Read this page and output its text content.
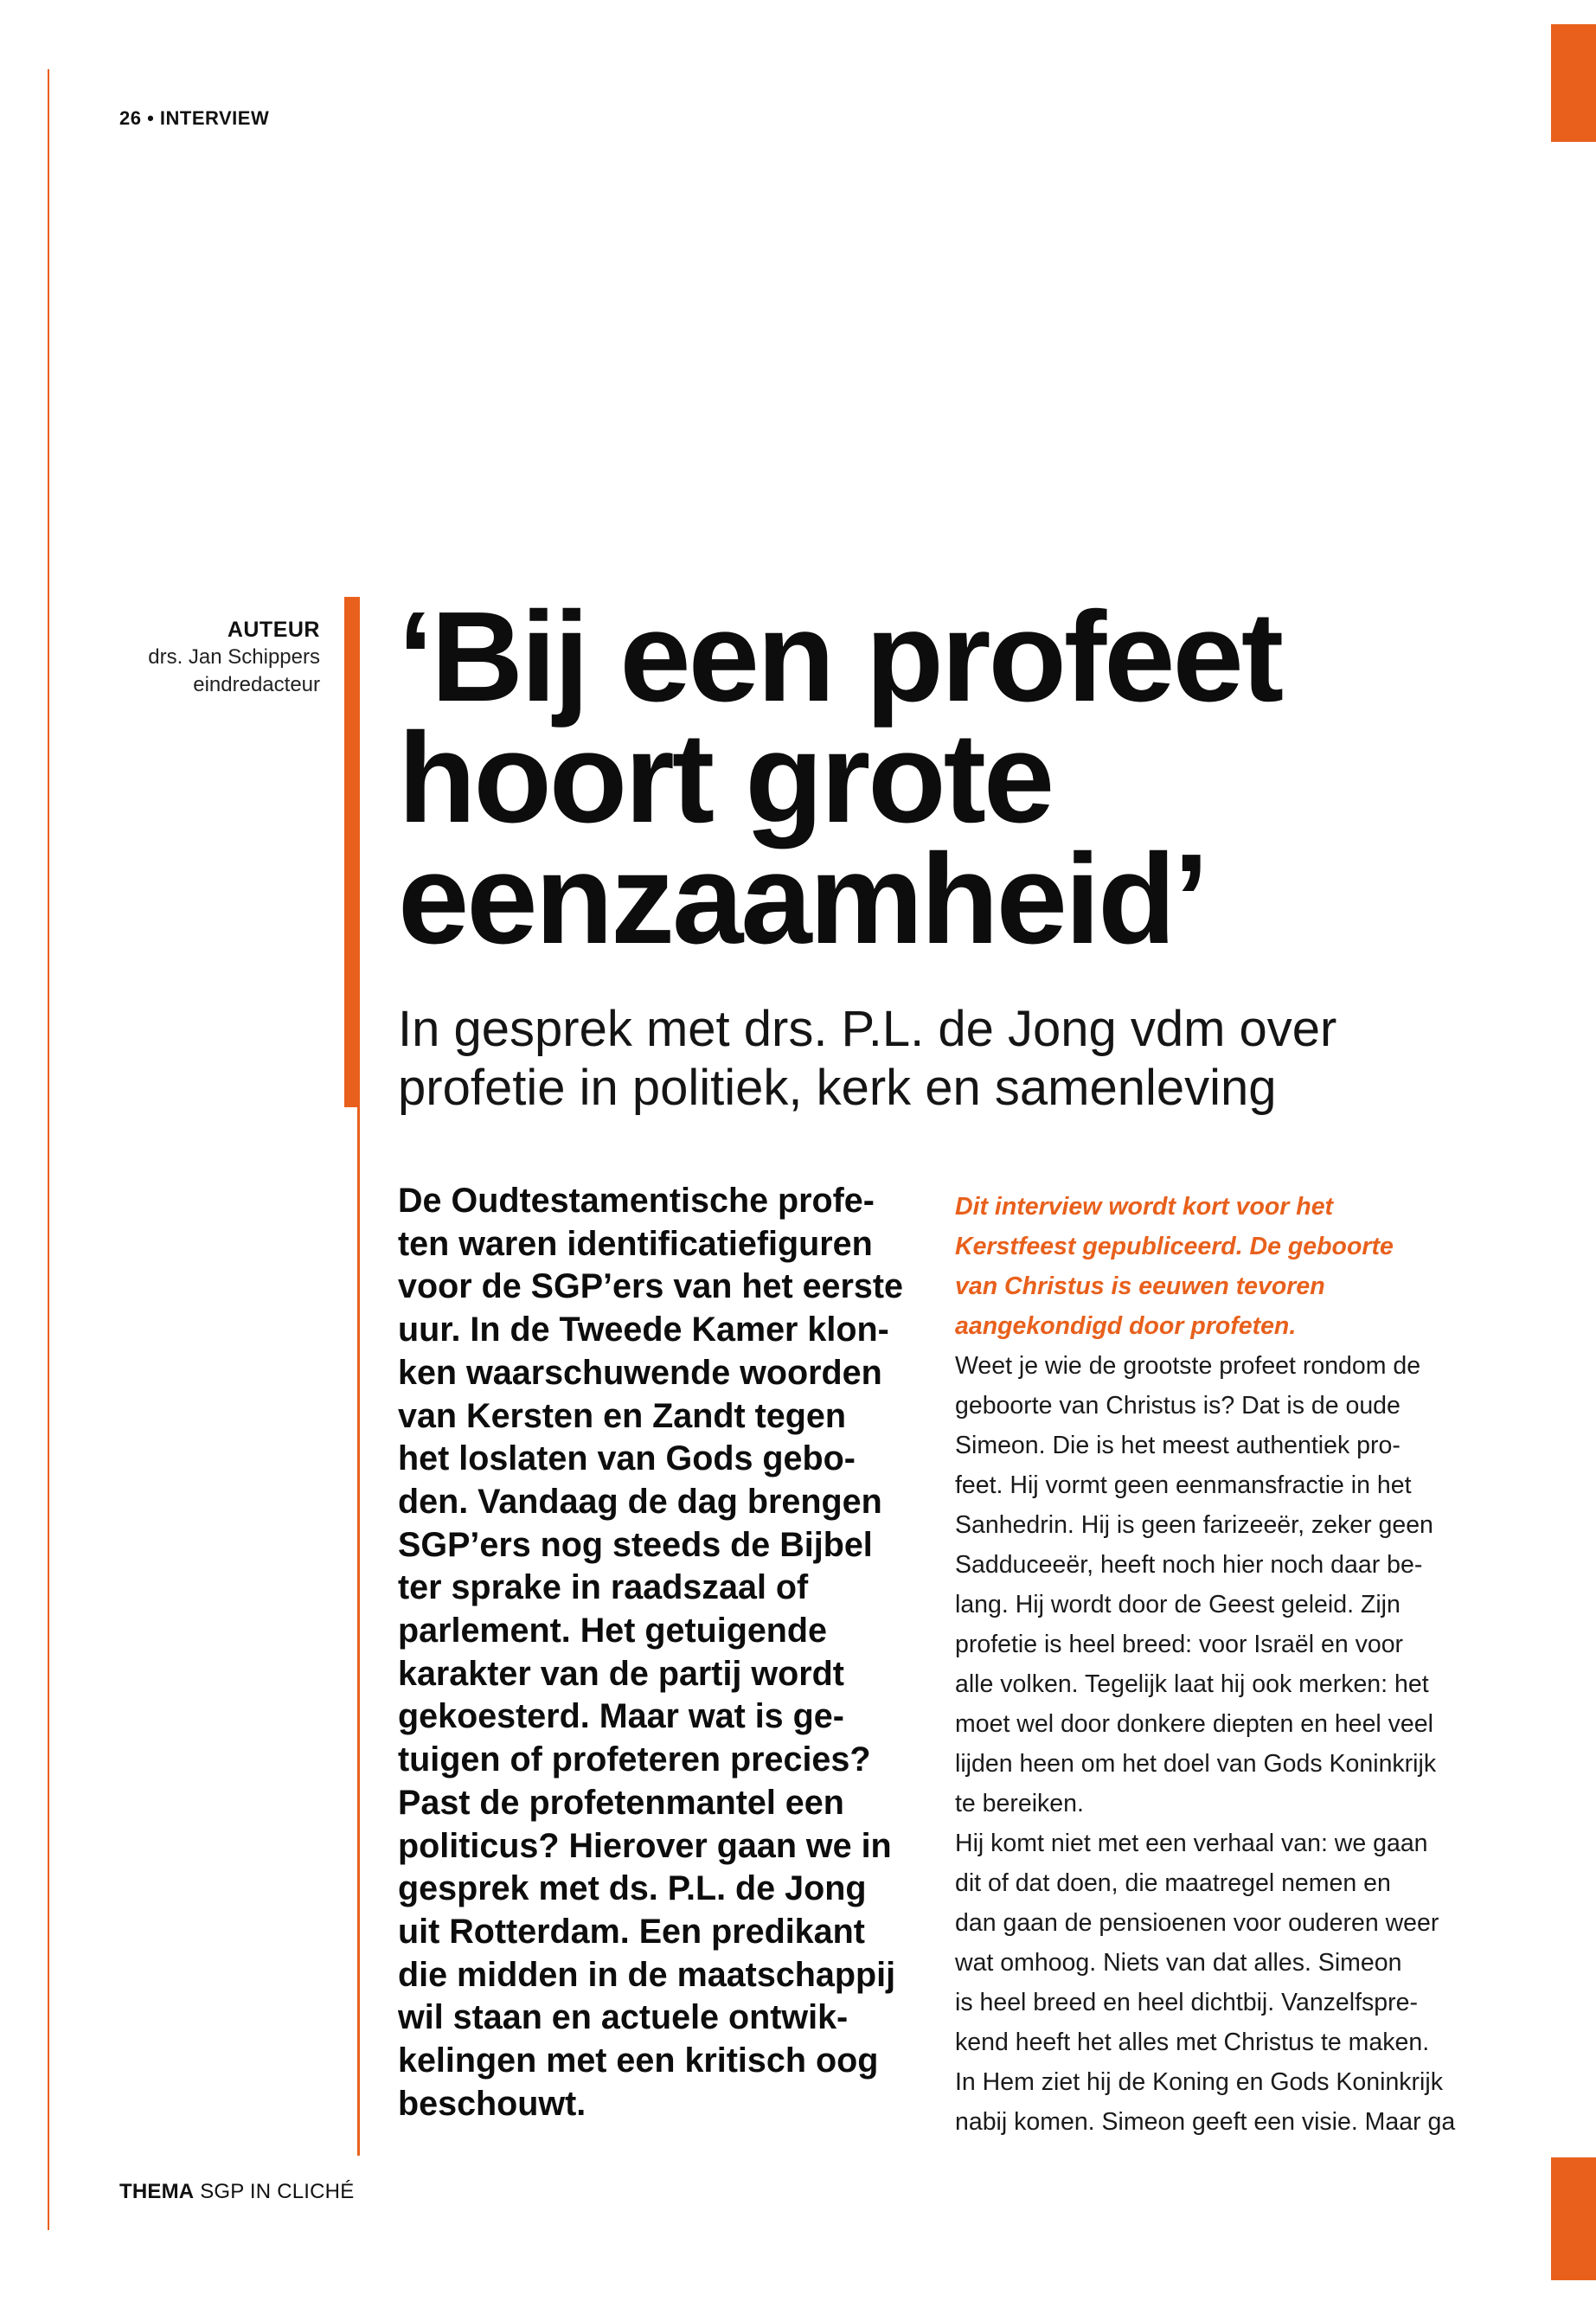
26 • INTERVIEW
AUTEUR
drs. Jan Schippers
eindredacteur ‘Bij een profeet
hoort grote
eenzaamheid’
In gesprek met drs. P.L. de Jong vdm over
profetie in politiek, kerk en samenleving
De Oudtestamentische profe-
ten waren identificatiefiguren
voor de SGP’ers van het eerste
uur. In de Tweede Kamer klon-
ken waarschuwende woorden
van Kersten en Zandt tegen
het loslaten van Gods gebo-
den. Vandaag de dag brengen
SGP’ers nog steeds de Bijbel
ter sprake in raadszaal of
parlement. Het getuigende
karakter van de partij wordt
gekoesterd. Maar wat is ge-
tuigen of profeteren precies?
Past de profetenmantel een
politicus? Hierover gaan we in
gesprek met ds. P.L. de Jong
uit Rotterdam. Een predikant
die midden in de maatschappij
wil staan en actuele ontwik-
kelingen met een kritisch oog
beschouwt.
Dit interview wordt kort voor het
Kerstfeest gepubliceerd. De geboorte
van Christus is eeuwen tevoren
aangekondigd door profeten.
Weet je wie de grootste profeet rondom de
geboorte van Christus is? Dat is de oude
Simeon. Die is het meest authentiek pro-
feet. Hij vormt geen eenmansfractie in het
Sanhedrin. Hij is geen farizeeër, zeker geen
Sadduceeër, heeft noch hier noch daar be-
lang. Hij wordt door de Geest geleid. Zijn
profetie is heel breed: voor Israël en voor
alle volken. Tegelijk laat hij ook merken: het
moet wel door donkere diepten en heel veel
lijden heen om het doel van Gods Koninkrijk
te bereiken.
Hij komt niet met een verhaal van: we gaan
dit of dat doen, die maatregel nemen en
dan gaan de pensioenen voor ouderen weer
wat omhoog. Niets van dat alles. Simeon
is heel breed en heel dichtbij. Vanzelfspre-
kend heeft het alles met Christus te maken.
In Hem ziet hij de Koning en Gods Koninkrijk
nabij komen. Simeon geeft een visie. Maar ga
THEMA SGP IN CLICHÉ
